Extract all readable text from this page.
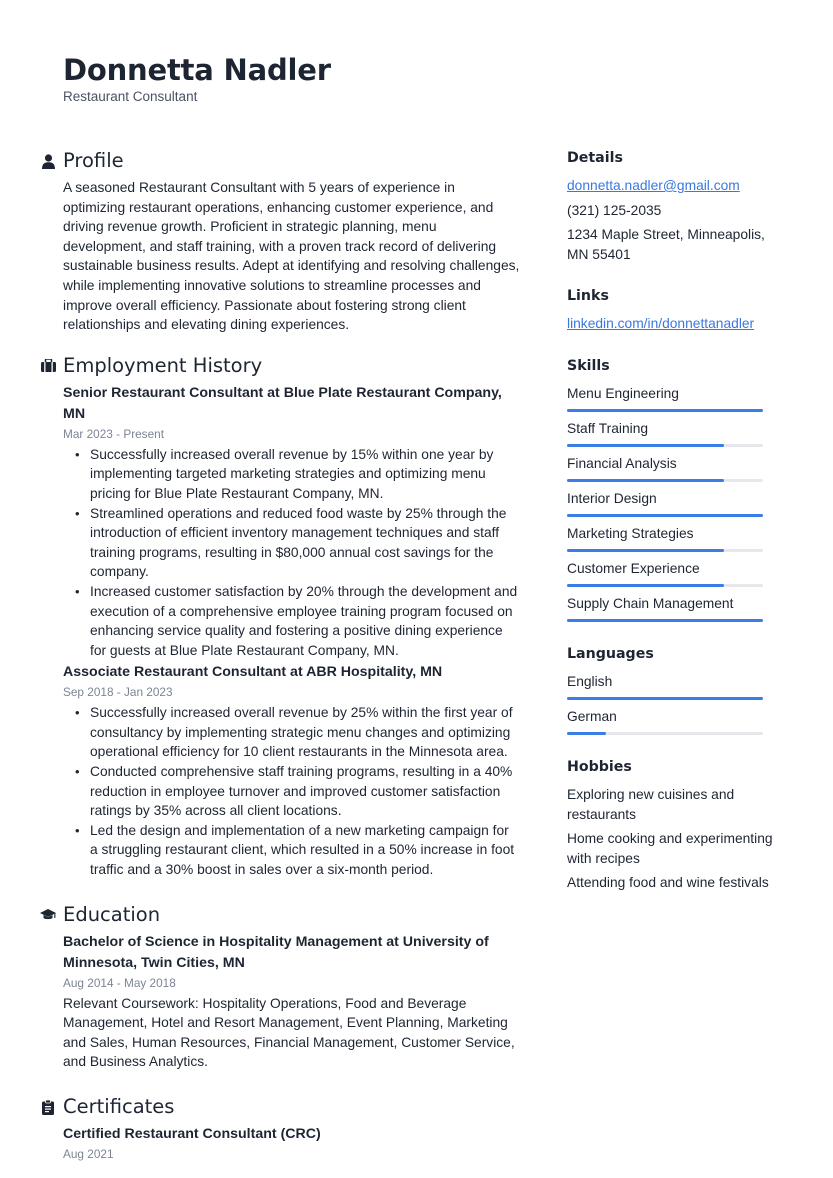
Donnetta Nadler
Restaurant Consultant
Profile
A seasoned Restaurant Consultant with 5 years of experience in optimizing restaurant operations, enhancing customer experience, and driving revenue growth. Proficient in strategic planning, menu development, and staff training, with a proven track record of delivering sustainable business results. Adept at identifying and resolving challenges, while implementing innovative solutions to streamline processes and improve overall efficiency. Passionate about fostering strong client relationships and elevating dining experiences.
Employment History
Senior Restaurant Consultant at Blue Plate Restaurant Company, MN
Mar 2023 - Present
• Successfully increased overall revenue by 15% within one year by implementing targeted marketing strategies and optimizing menu pricing for Blue Plate Restaurant Company, MN.
• Streamlined operations and reduced food waste by 25% through the introduction of efficient inventory management techniques and staff training programs, resulting in $80,000 annual cost savings for the company.
• Increased customer satisfaction by 20% through the development and execution of a comprehensive employee training program focused on enhancing service quality and fostering a positive dining experience for guests at Blue Plate Restaurant Company, MN.
Associate Restaurant Consultant at ABR Hospitality, MN
Sep 2018 - Jan 2023
• Successfully increased overall revenue by 25% within the first year of consultancy by implementing strategic menu changes and optimizing operational efficiency for 10 client restaurants in the Minnesota area.
• Conducted comprehensive staff training programs, resulting in a 40% reduction in employee turnover and improved customer satisfaction ratings by 35% across all client locations.
• Led the design and implementation of a new marketing campaign for a struggling restaurant client, which resulted in a 50% increase in foot traffic and a 30% boost in sales over a six-month period.
Education
Bachelor of Science in Hospitality Management at University of Minnesota, Twin Cities, MN
Aug 2014 - May 2018
Relevant Coursework: Hospitality Operations, Food and Beverage Management, Hotel and Resort Management, Event Planning, Marketing and Sales, Human Resources, Financial Management, Customer Service, and Business Analytics.
Certificates
Certified Restaurant Consultant (CRC)
Aug 2021
Details
donnetta.nadler@gmail.com
(321) 125-2035
1234 Maple Street, Minneapolis, MN 55401
Links
linkedin.com/in/donnettanadler
Skills
Menu Engineering
Staff Training
Financial Analysis
Interior Design
Marketing Strategies
Customer Experience
Supply Chain Management
Languages
English
German
Hobbies
Exploring new cuisines and restaurants
Home cooking and experimenting with recipes
Attending food and wine festivals
